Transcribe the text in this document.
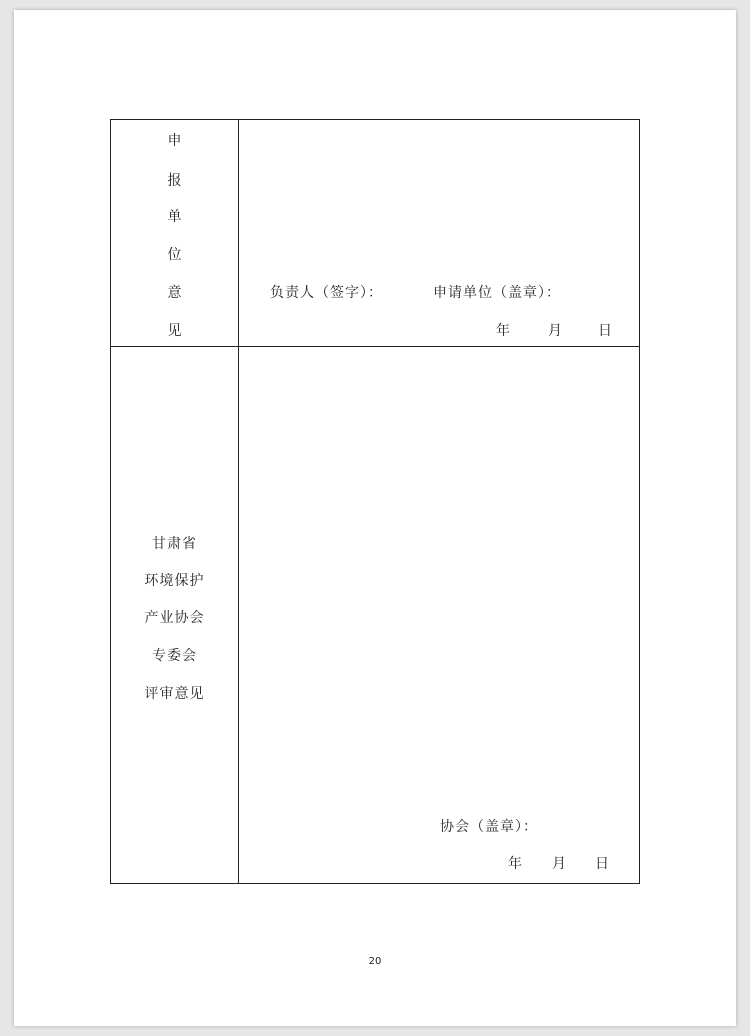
申
报
单
位
意
见
负责人（签字）：	申请单位（盖章）：
年	月	日
甘肃省
环境保护
产业协会
专委会
评审意见
协会（盖章）：
年 月 日
20
